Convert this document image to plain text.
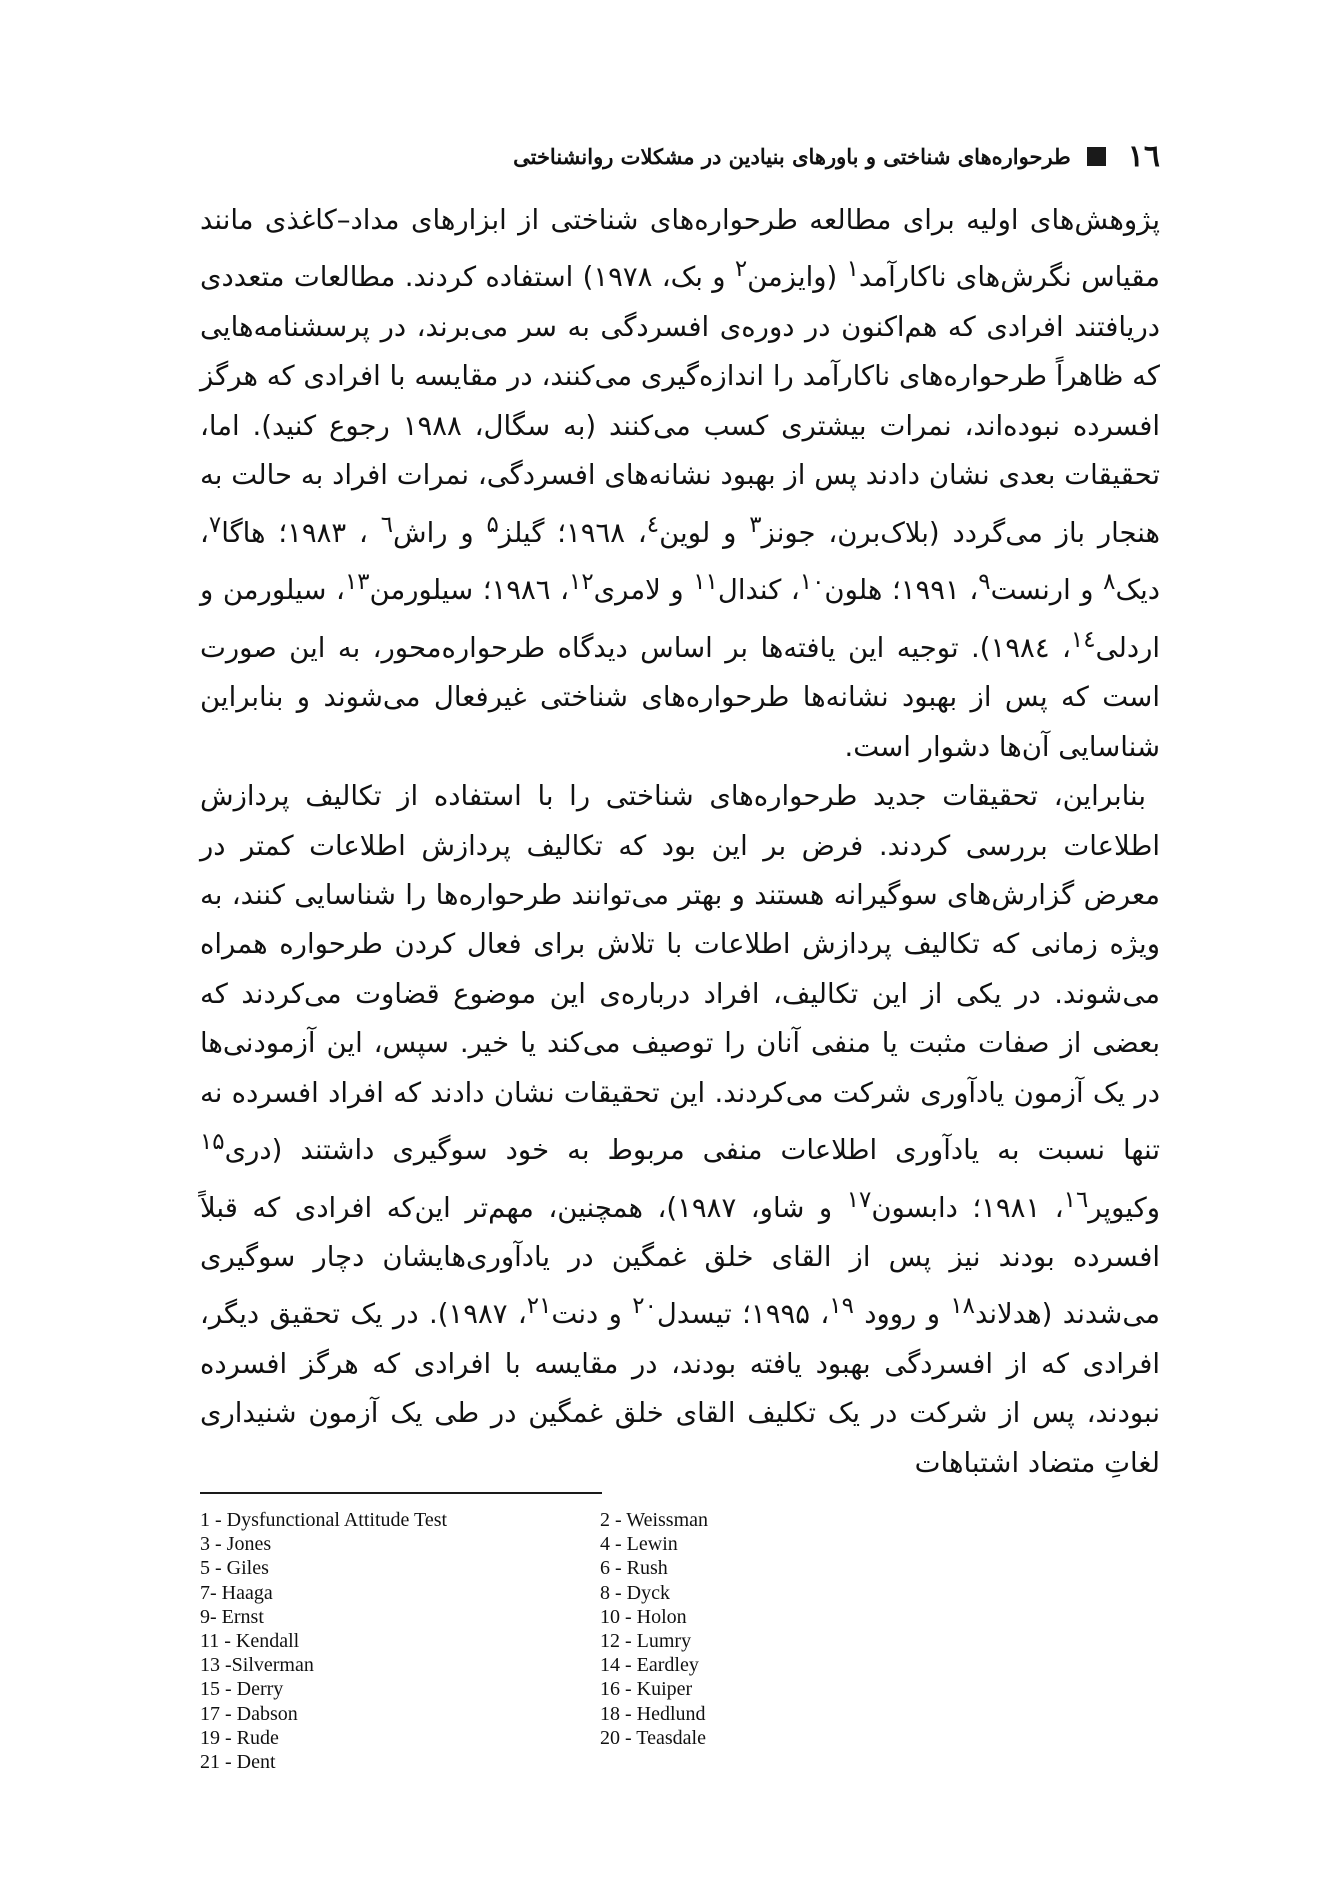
۱٦
طرحواره‌های شناختی و باورهای بنیادین در مشکلات روانشناختی

پژوهش‌های اولیه برای مطالعه طرحواره‌های شناختی از ابزارهای مداد–کاغذی مانند مقیاس نگرش‌های ناکارآمد$^۱$ (وایزمن$^۲$ و بک، ۱۹۷۸) استفاده کردند. مطالعات متعددی دریافتند افرادی که هم‌اکنون در دوره‌ی افسردگی به سر می‌برند، در پرسشنامه‌هایی که ظاهراً طرحواره‌های ناکارآمد را اندازه‌گیری می‌کنند، در مقایسه با افرادی که هرگز افسرده نبوده‌اند، نمرات بیشتری کسب می‌کنند (به سگال، ۱۹۸۸ رجوع کنید). اما، تحقیقات بعدی نشان دادند پس از بهبود نشانه‌های افسردگی، نمرات افراد به حالت به هنجار باز می‌گردد (بلاک‌برن، جونز$^۳$ و لوین$^٤$، ۱۹٦۸؛ گیلز$^۵$ و راش$^٦$ ، ۱۹۸۳؛ هاگا$^۷$، دیک$^۸$ و ارنست$^۹$، ۱۹۹۱؛ هلون$^{۱۰}$، کندال$^{۱۱}$ و لامری$^{۱۲}$، ۱۹۸٦؛ سیلورمن$^{۱۳}$، سیلورمن و اردلی$^{۱٤}$، ۱۹۸٤). توجیه این یافته‌ها بر اساس دیدگاه طرحواره‌محور، به این صورت است که پس از بهبود نشانه‌ها طرحواره‌های شناختی غیرفعال می‌شوند و بنابراین شناسایی آن‌ها دشوار است.

بنابراین، تحقیقات جدید طرحواره‌های شناختی را با استفاده از تکالیف پردازش اطلاعات بررسی کردند. فرض بر این بود که تکالیف پردازش اطلاعات کمتر در معرض گزارش‌های سوگیرانه هستند و بهتر می‌توانند طرحواره‌ها را شناسایی کنند، به ویژه زمانی که تکالیف پردازش اطلاعات با تلاش برای فعال کردن طرحواره همراه می‌شوند. در یکی از این تکالیف، افراد درباره‌ی این موضوع قضاوت می‌کردند که بعضی از صفات مثبت یا منفی آنان را توصیف می‌کند یا خیر. سپس، این آزمودنی‌ها در یک آزمون یادآوری شرکت می‌کردند. این تحقیقات نشان دادند که افراد افسرده نه تنها نسبت به یادآوری اطلاعات منفی مربوط به خود سوگیری داشتند (دری$^{۱۵}$ وکیوپر$^{۱٦}$، ۱۹۸۱؛ دابسون$^{۱۷}$ و شاو، ۱۹۸۷)، همچنین، مهم‌تر این‌که افرادی که قبلاً افسرده بودند نیز پس از القای خلق غمگین در یادآوری‌هایشان دچار سوگیری می‌شدند (هدلاند$^{۱۸}$ و روود $^{۱۹}$، ۱۹۹۵؛ تیسدل$^{۲۰}$ و دنت$^{۲۱}$، ۱۹۸۷). در یک تحقیق دیگر، افرادی که از افسردگی بهبود یافته بودند، در مقایسه با افرادی که هرگز افسرده نبودند، پس از شرکت در یک تکلیف القای خلق غمگین در طی یک آزمون شنیداری لغاتِ متضاد اشتباهات

1 - Dysfunctional Attitude Test	2 - Weissman
3 - Jones	4 - Lewin
5 - Giles	6 - Rush
7- Haaga	8 - Dyck
9- Ernst	10 - Holon
11 - Kendall	12 - Lumry
13 -Silverman	14 - Eardley
15 - Derry	16 - Kuiper
17 - Dabson	18 - Hedlund
19 - Rude	20 - Teasdale
21 - Dent
